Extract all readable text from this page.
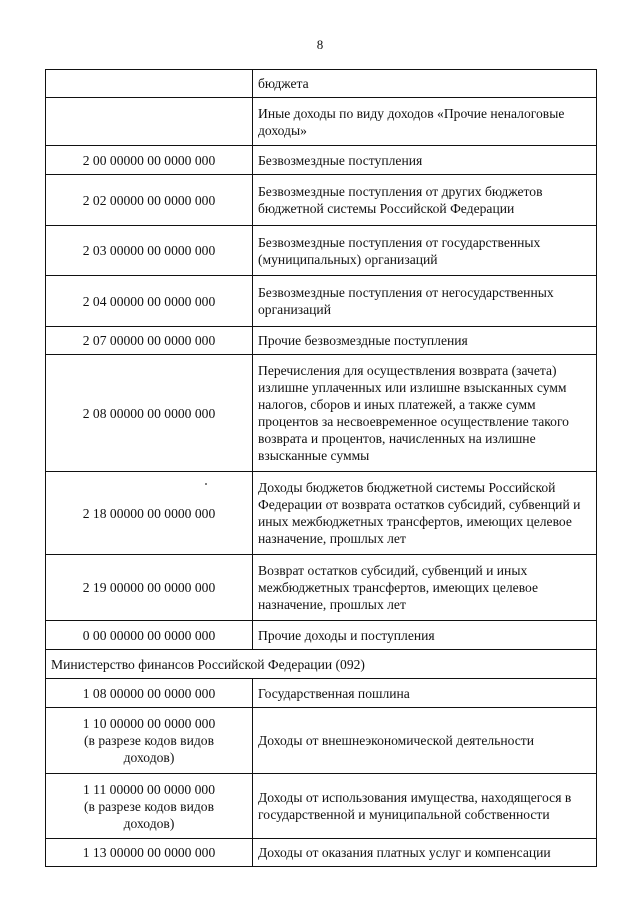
8
	бюджета
	Иные доходы по виду доходов «Прочие неналоговые доходы»

2 00 00000 00 0000 000	Безвозмездные поступления

2 02 00000 00 0000 000	Безвозмездные поступления от других бюджетов бюджетной системы Российской Федерации

2 03 00000 00 0000 000	Безвозмездные поступления от государственных (муниципальных) организаций

2 04 00000 00 0000 000	Безвозмездные поступления от негосударственных организаций

2 07 00000 00 0000 000	Прочие безвозмездные поступления

2 08 00000 00 0000 000	Перечисления для осуществления возврата (зачета) излишне уплаченных или излишне взысканных сумм налогов, сборов и иных платежей, а также сумм процентов за несвоевременное осуществление такого возврата и процентов, начисленных на излишне взысканные суммы

2 18 00000 00 0000 000	Доходы бюджетов бюджетной системы Российской Федерации от возврата остатков субсидий, субвенций и иных межбюджетных трансфертов, имеющих целевое назначение, прошлых лет

2 19 00000 00 0000 000	Возврат остатков субсидий, субвенций и иных межбюджетных трансфертов, имеющих целевое назначение, прошлых лет

0 00 00000 00 0000 000	Прочие доходы и поступления
Министерство финансов Российской Федерации (092)	

1 08 00000 00 0000 000	Государственная пошлина

1 10 00000 00 0000 000
(в разрезе кодов видов
доходов)	Доходы от внешнеэкономической деятельности

1 11 00000 00 0000 000
(в разрезе кодов видов
доходов)	Доходы от использования имущества, находящегося в государственной и муниципальной собственности

1 13 00000 00 0000 000	Доходы от оказания платных услуг и компенсации
